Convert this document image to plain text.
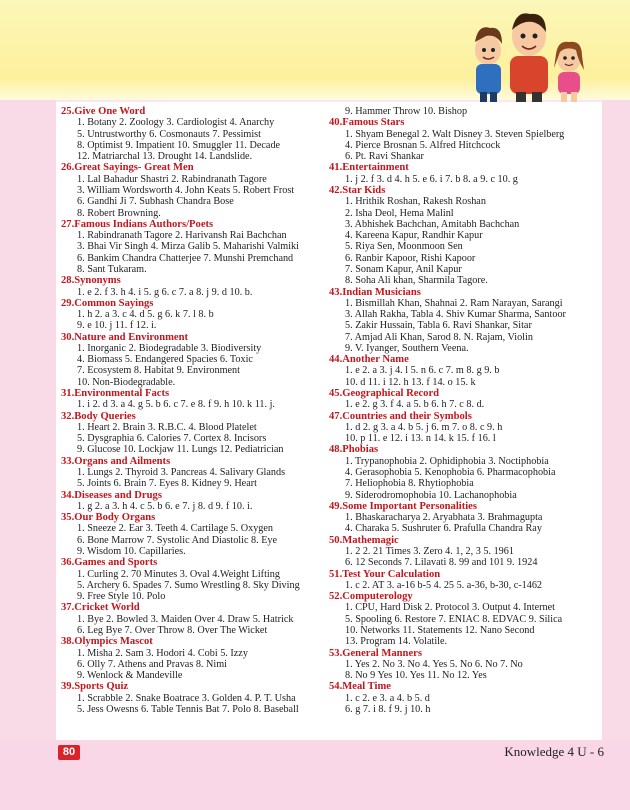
25.Give One Word
1. Botany 2. Zoology 3. Cardiologist 4. Anarchy
5. Untrustworthy 6. Cosmonauts 7. Pessimist
8. Optimist 9. Impatient 10. Smuggler 11. Decade
12. Matriarchal 13. Drought 14. Landslide.
26.Great Sayings- Great Men
1. Lal Bahadur Shastri 2. Rabindranath Tagore
3. William Wordsworth 4. John Keats 5. Robert Frost
6. Gandhi Ji 7. Subhash Chandra Bose
8. Robert Browning.
27.Famous Indians Authors/Poets
1. Rabindranath Tagore 2. Harivansh Rai Bachchan
3. Bhai Vir Singh 4. Mirza Galib 5. Maharishi Valmiki
6. Bankim Chandra Chatterjee 7. Munshi Premchand
8. Sant Tukaram.
28.Synonyms
1. e 2. f 3. h 4. i 5. g 6. c 7. a 8. j 9. d 10. b.
29.Common Sayings
1. h 2. a 3. c 4. d 5. g 6. k 7. l 8. b
9. e 10. j 11. f 12. i.
30.Nature and Environment
1. Inorganic 2. Biodegradable 3. Biodiversity
4. Biomass 5. Endangered Spacies 6. Toxic
7. Ecosystem 8. Habitat 9. Environment
10. Non-Biodegradable.
31.Environmental Facts
1. i 2. d 3. a 4. g 5. b 6. c 7. e 8. f 9. h 10. k 11. j.
32.Body Queries
1. Heart 2. Brain 3. R.B.C. 4. Blood Platelet
5. Dysgraphia 6. Calories 7. Cortex 8. Incisors
9. Glucose 10. Lockjaw 11. Lungs 12. Pediatrician
33.Organs and Ailments
1. Lungs 2. Thyroid 3. Pancreas 4. Salivary Glands
5. Joints 6. Brain 7. Eyes 8. Kidney 9. Heart
34.Diseases and Drugs
1. g 2. a 3. h 4. c 5. b 6. e 7. j 8. d 9. f 10. i.
35.Our Body Organs
1. Sneeze 2. Ear 3. Teeth 4. Cartilage 5. Oxygen
6. Bone Marrow 7. Systolic And Diastolic 8. Eye
9. Wisdom 10. Capillaries.
36.Games and Sports
1. Curling 2. 70 Minutes 3. Oval 4.Weight Lifting
5. Archery 6. Spades 7. Sumo Wrestling 8. Sky Diving
9. Free Style 10. Polo
37.Cricket World
1. Bye 2. Bowled 3. Maiden Over 4. Draw 5. Hatrick
6. Leg Bye 7. Over Throw 8. Over The Wicket
38.Olympics Mascot
1. Misha 2. Sam 3. Hodori 4. Cobi 5. Izzy
6. Olly 7. Athens and Pravas 8. Nimi
9. Wenlock & Mandeville
39.Sports Quiz
1. Scrabble 2. Snake Boatrace 3. Golden 4. P. T. Usha
5. Jess Owesns 6. Table Tennis Bat 7. Polo 8. Baseball
9. Hammer Throw 10. Bishop
40.Famous Stars
1. Shyam Benegal 2. Walt Disney 3. Steven Spielberg
4. Pierce Brosnan 5. Alfred Hitchcock
6. Pt. Ravi Shankar
41.Entertainment
1. j 2. f 3. d 4. h 5. e 6. i 7. b 8. a 9. c 10. g
42.Star Kids
1. Hrithik Roshan, Rakesh Roshan
2. Isha Deol, Hema Malinl
3. Abhishek Bachchan, Amitabh Bachchan
4. Kareena Kapur, Randhir Kapur
5. Riya Sen, Moonmoon Sen
6. Ranbir Kapoor, Rishi Kapoor
7. Sonam Kapur, Anil Kapur
8. Soha Ali khan, Sharmila Tagore.
43.Indian Musicians
1. Bismillah Khan, Shahnai 2. Ram Narayan, Sarangi
3. Allah Rakha, Tabla 4. Shiv Kumar Sharma, Santoor
5. Zakir Hussain, Tabla 6. Ravi Shankar, Sitar
7. Amjad Ali Khan, Sarod 8. N. Rajam, Violin
9. V. Iyanger, Southern Veena.
44.Another Name
1. e 2. a 3. j 4. l 5. n 6. c 7. m 8. g 9. b
10. d 11. i 12. h 13. f 14. o 15. k
45.Geographical Record
1. e 2. g 3. f 4. a 5. b 6. h 7. c 8. d.
47.Countries and their Symbols
1. d 2. g 3. a 4. b 5. j 6. m 7. o 8. c 9. h
10. p 11. e 12. i 13. n 14. k 15. f 16. l
48.Phobias
1. Trypanophobia 2. Ophidiphobia 3. Noctiphobia
4. Gerasophobia 5. Kenophobia 6. Pharmacophobia
7. Heliophobia 8. Rhytiophobia
9. Siderodromophobia 10. Lachanophobia
49.Some Important Personalities
1. Bhaskaracharya 2. Aryabhata 3. Brahmagupta
4. Charaka 5. Sushruter 6. Prafulla Chandra Ray
50.Mathemagic
1. 2 2. 21 Times 3. Zero 4. 1, 2, 3 5. 1961
6. 12 Seconds 7. Lilavati 8. 99 and 101 9. 1924
51.Test Your Calculation
1. c 2. AT 3. a-16 b-5 4. 25 5. a-36, b-30, c-1462
52.Computerology
1. CPU, Hard Disk 2. Protocol 3. Output 4. Internet
5. Spooling 6. Restore 7. ENIAC 8. EDVAC 9. Silica
10. Networks 11. Statements 12. Nano Second
13. Program 14. Volatile.
53.General Manners
1. Yes 2. No 3. No 4. Yes 5. No 6. No 7. No
8. No 9 Yes 10. Yes 11. No 12. Yes
54.Meal Time
1. c 2. e 3. a 4. b 5. d
6. g 7. i 8. f 9. j 10. h
80	Knowledge 4 U - 6
